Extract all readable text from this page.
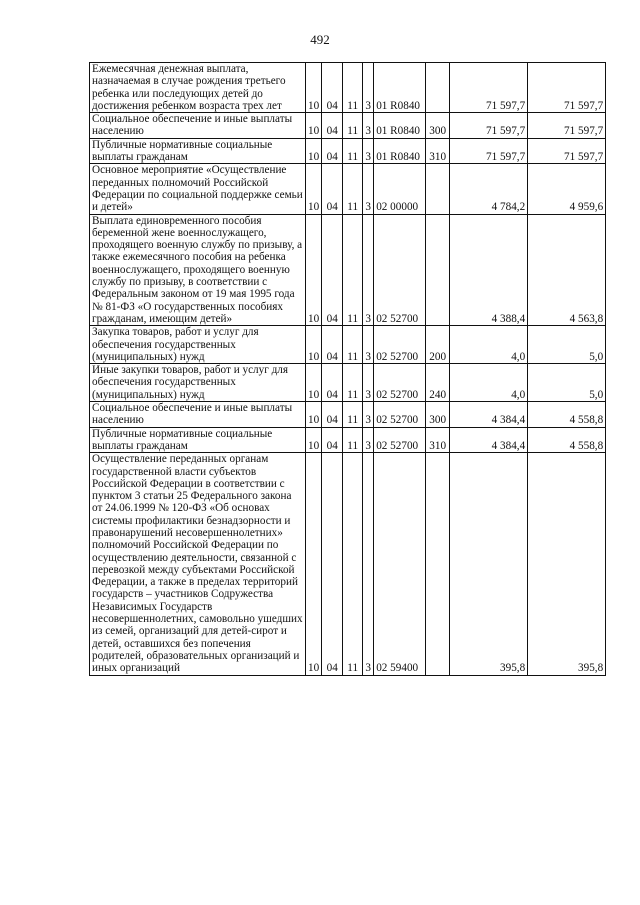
492
Ежемесячная денежная выплата, назначаемая в случае рождения третьего ребенка или последующих детей до достижения ребенком возраста трех лет	10	04	11	3	01 R0840		71 597,7	71 597,7
Социальное обеспечение и иные выплаты населению	10	04	11	3	01 R0840	300	71 597,7	71 597,7
Публичные нормативные социальные выплаты гражданам	10	04	11	3	01 R0840	310	71 597,7	71 597,7
Основное мероприятие «Осуществление переданных полномочий Российской Федерации по социальной поддержке семьи и детей»	10	04	11	3	02 00000		4 784,2	4 959,6
Выплата единовременного пособия беременной жене военнослужащего, проходящего военную службу по призыву, а также ежемесячного пособия на ребенка военнослужащего, проходящего военную службу по призыву, в соответствии с Федеральным законом от 19 мая 1995 года № 81-ФЗ «О государственных пособиях гражданам, имеющим детей»	10	04	11	3	02 52700		4 388,4	4 563,8
Закупка товаров, работ и услуг для обеспечения государственных (муниципальных) нужд	10	04	11	3	02 52700	200	4,0	5,0
Иные закупки товаров, работ и услуг для обеспечения государственных (муниципальных) нужд	10	04	11	3	02 52700	240	4,0	5,0
Социальное обеспечение и иные выплаты населению	10	04	11	3	02 52700	300	4 384,4	4 558,8
Публичные нормативные социальные выплаты гражданам	10	04	11	3	02 52700	310	4 384,4	4 558,8
Осуществление переданных органам государственной власти субъектов Российской Федерации в соответствии с пунктом 3 статьи 25 Федерального закона от 24.06.1999 № 120-ФЗ «Об основах системы профилактики безнадзорности и правонарушений несовершеннолетних» полномочий Российской Федерации по осуществлению деятельности, связанной с перевозкой между субъектами Российской Федерации, а также в пределах территорий государств – участников Содружества Независимых Государств несовершеннолетних, самовольно ушедших из семей, организаций для детей-сирот и детей, оставшихся без попечения родителей, образовательных организаций и иных организаций	10	04	11	3	02 59400		395,8	395,8
